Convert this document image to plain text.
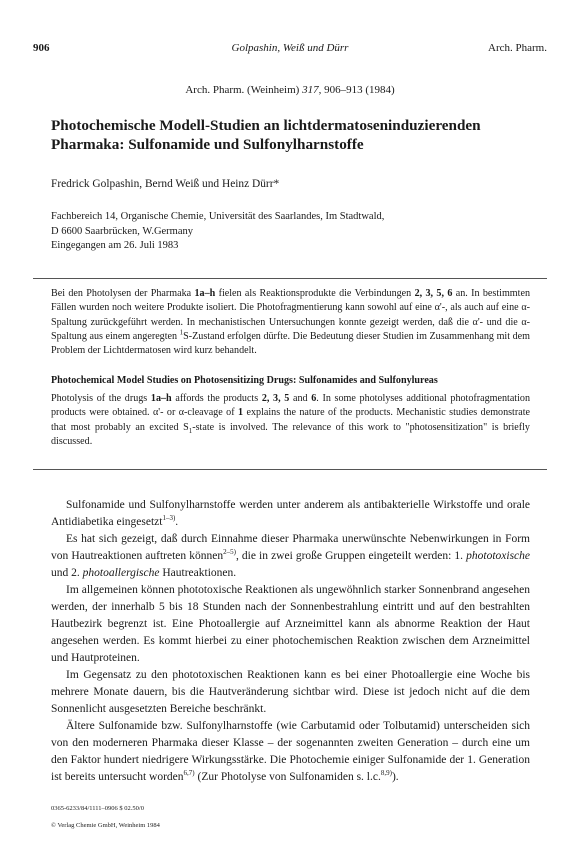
906	Golpashin, Weiß und Dürr	Arch. Pharm.
Arch. Pharm. (Weinheim) 317, 906–913 (1984)
Photochemische Modell-Studien an lichtdermatoseninduzierenden Pharmaka: Sulfonamide und Sulfonylharnstoffe
Fredrick Golpashin, Bernd Weiß und Heinz Dürr*
Fachbereich 14, Organische Chemie, Universität des Saarlandes, Im Stadtwald,
D 6600 Saarbrücken, W.Germany
Eingegangen am 26. Juli 1983
Bei den Photolysen der Pharmaka 1a–h fielen als Reaktionsprodukte die Verbindungen 2, 3, 5, 6 an. In bestimmten Fällen wurden noch weitere Produkte isoliert. Die Photofragmentierung kann sowohl auf eine α'-, als auch auf eine α-Spaltung zurückgeführt werden. In mechanistischen Untersuchungen konnte gezeigt werden, daß die α'- und die α-Spaltung aus einem angeregten $^1$S-Zustand erfolgen dürfte. Die Bedeutung dieser Studien im Zusammenhang mit dem Problem der Lichtdermatosen wird kurz behandelt.
Photochemical Model Studies on Photosensitizing Drugs: Sulfonamides and Sulfonylureas
Photolysis of the drugs 1a–h affords the products 2, 3, 5 and 6. In some photolyses additional photofragmentation products were obtained. α'- or α-cleavage of 1 explains the nature of the products. Mechanistic studies demonstrate that most probably an excited $S_1$-state is involved. The relevance of this work to "photosensitization" is briefly discussed.

Sulfonamide und Sulfonylharnstoffe werden unter anderem als antibakterielle Wirkstoffe und orale Antidiabetika eingesetzt$^{1-3)}$.

Es hat sich gezeigt, daß durch Einnahme dieser Pharmaka unerwünschte Nebenwirkungen in Form von Hautreaktionen auftreten können$^{2-5)}$, die in zwei große Gruppen eingeteilt werden: 1. phototoxische und 2. photoallergische Hautreaktionen.

Im allgemeinen können phototoxische Reaktionen als ungewöhnlich starker Sonnenbrand angesehen werden, der innerhalb 5 bis 18 Stunden nach der Sonnenbestrahlung eintritt und auf den bestrahlten Hautbezirk begrenzt ist. Eine Photoallergie auf Arzneimittel kann als abnorme Reaktion der Haut angesehen werden. Es kommt hierbei zu einer photochemischen Reaktion zwischen dem Arzneimittel und Hautproteinen.

Im Gegensatz zu den phototoxischen Reaktionen kann es bei einer Photoallergie eine Woche bis mehrere Monate dauern, bis die Hautveränderung sichtbar wird. Diese ist jedoch nicht auf die dem Sonnenlicht ausgesetzten Bereiche beschränkt.

Ältere Sulfonamide bzw. Sulfonylharnstoffe (wie Carbutamid oder Tolbutamid) unterscheiden sich von den moderneren Pharmaka dieser Klasse – der sogenannten zweiten Generation – durch eine um den Faktor hundert niedrigere Wirkungsstärke. Die Photochemie einiger Sulfonamide der 1. Generation ist bereits untersucht worden$^{6,7)}$ (Zur Photolyse von Sulfonamiden s. l.c.$^{8,9)}$).

0365-6233/84/1111–0906 $ 02.50/0
© Verlag Chemie GmbH, Weinheim 1984
